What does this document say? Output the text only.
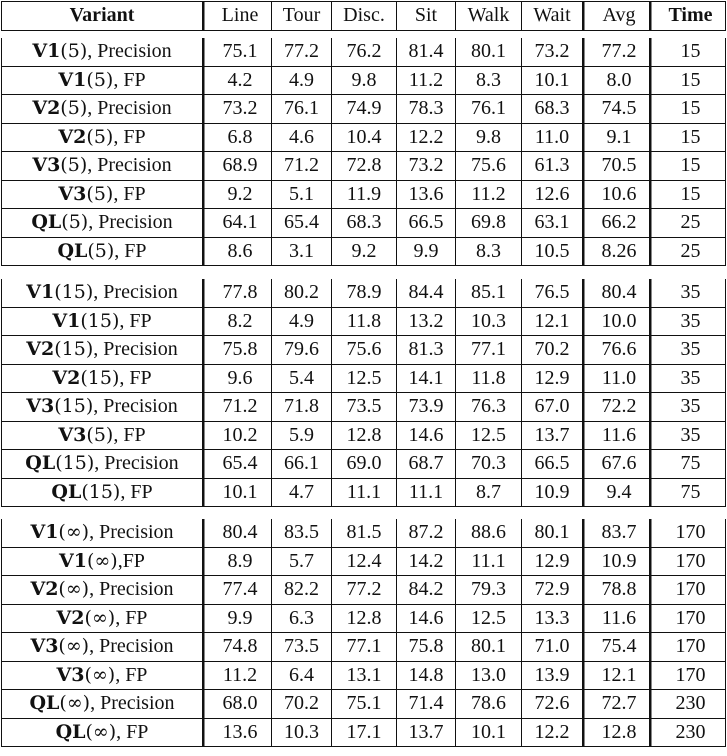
Variant	Line	Tour	Disc.	Sit	Walk	Wait	Avg	Time
V1(5), Precision	75.1	77.2	76.2	81.4	80.1	73.2	77.2	15
V1(5), FP	4.2	4.9	9.8	11.2	8.3	10.1	8.0	15
V2(5), Precision	73.2	76.1	74.9	78.3	76.1	68.3	74.5	15
V2(5), FP	6.8	4.6	10.4	12.2	9.8	11.0	9.1	15
V3(5), Precision	68.9	71.2	72.8	73.2	75.6	61.3	70.5	15
V3(5), FP	9.2	5.1	11.9	13.6	11.2	12.6	10.6	15
QL(5), Precision	64.1	65.4	68.3	66.5	69.8	63.1	66.2	25
QL(5), FP	8.6	3.1	9.2	9.9	8.3	10.5	8.26	25
V1(15), Precision	77.8	80.2	78.9	84.4	85.1	76.5	80.4	35
V1(15), FP	8.2	4.9	11.8	13.2	10.3	12.1	10.0	35
V2(15), Precision	75.8	79.6	75.6	81.3	77.1	70.2	76.6	35
V2(15), FP	9.6	5.4	12.5	14.1	11.8	12.9	11.0	35
V3(15), Precision	71.2	71.8	73.5	73.9	76.3	67.0	72.2	35
V3(5), FP	10.2	5.9	12.8	14.6	12.5	13.7	11.6	35
QL(15), Precision	65.4	66.1	69.0	68.7	70.3	66.5	67.6	75
QL(15), FP	10.1	4.7	11.1	11.1	8.7	10.9	9.4	75
V1(∞), Precision	80.4	83.5	81.5	87.2	88.6	80.1	83.7	170
V1(∞),FP	8.9	5.7	12.4	14.2	11.1	12.9	10.9	170
V2(∞), Precision	77.4	82.2	77.2	84.2	79.3	72.9	78.8	170
V2(∞), FP	9.9	6.3	12.8	14.6	12.5	13.3	11.6	170
V3(∞), Precision	74.8	73.5	77.1	75.8	80.1	71.0	75.4	170
V3(∞), FP	11.2	6.4	13.1	14.8	13.0	13.9	12.1	170
QL(∞), Precision	68.0	70.2	75.1	71.4	78.6	72.6	72.7	230
QL(∞), FP	13.6	10.3	17.1	13.7	10.1	12.2	12.8	230
